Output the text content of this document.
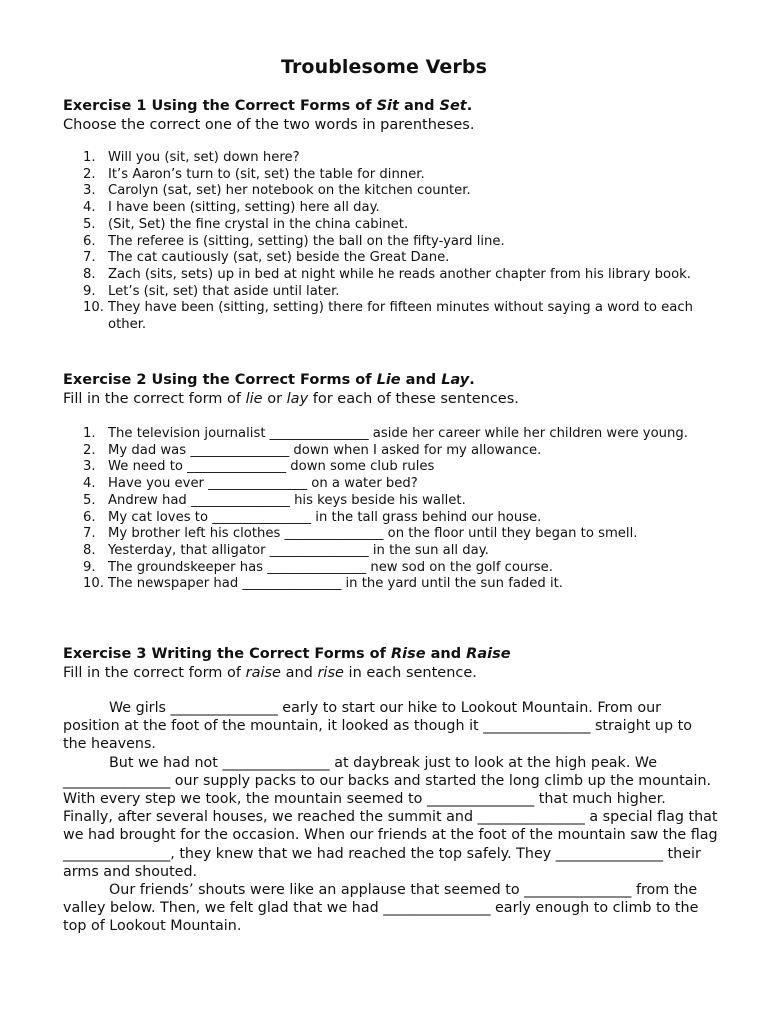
Troublesome Verbs
Exercise 1 Using the Correct Forms of Sit and Set.
Choose the correct one of the two words in parentheses.
1. Will you (sit, set) down here?
2. It’s Aaron’s turn to (sit, set) the table for dinner.
3. Carolyn (sat, set) her notebook on the kitchen counter.
4. I have been (sitting, setting) here all day.
5. (Sit, Set) the fine crystal in the china cabinet.
6. The referee is (sitting, setting) the ball on the fifty-yard line.
7. The cat cautiously (sat, set) beside the Great Dane.
8. Zach (sits, sets) up in bed at night while he reads another chapter from his library book.
9. Let’s (sit, set) that aside until later.
10. They have been (sitting, setting) there for fifteen minutes without saying a word to each other.
Exercise 2 Using the Correct Forms of Lie and Lay.
Fill in the correct form of lie or lay for each of these sentences.
1. The television journalist _______________ aside her career while her children were young.
2. My dad was _______________ down when I asked for my allowance.
3. We need to _______________ down some club rules
4. Have you ever _______________ on a water bed?
5. Andrew had _______________ his keys beside his wallet.
6. My cat loves to _______________ in the tall grass behind our house.
7. My brother left his clothes _______________ on the floor until they began to smell.
8. Yesterday, that alligator _______________ in the sun all day.
9. The groundskeeper has _______________ new sod on the golf course.
10. The newspaper had _______________ in the yard until the sun faded it.
Exercise 3 Writing the Correct Forms of Rise and Raise
Fill in the correct form of raise and rise in each sentence.

We girls _______________ early to start our hike to Lookout Mountain. From our position at the foot of the mountain, it looked as though it _______________ straight up to the heavens.

But we had not _______________ at daybreak just to look at the high peak. We _______________ our supply packs to our backs and started the long climb up the mountain. With every step we took, the mountain seemed to _______________ that much higher. Finally, after several houses, we reached the summit and _______________ a special flag that we had brought for the occasion. When our friends at the foot of the mountain saw the flag _______________, they knew that we had reached the top safely. They _______________ their arms and shouted.

Our friends’ shouts were like an applause that seemed to _______________ from the valley below. Then, we felt glad that we had _______________ early enough to climb to the top of Lookout Mountain.
